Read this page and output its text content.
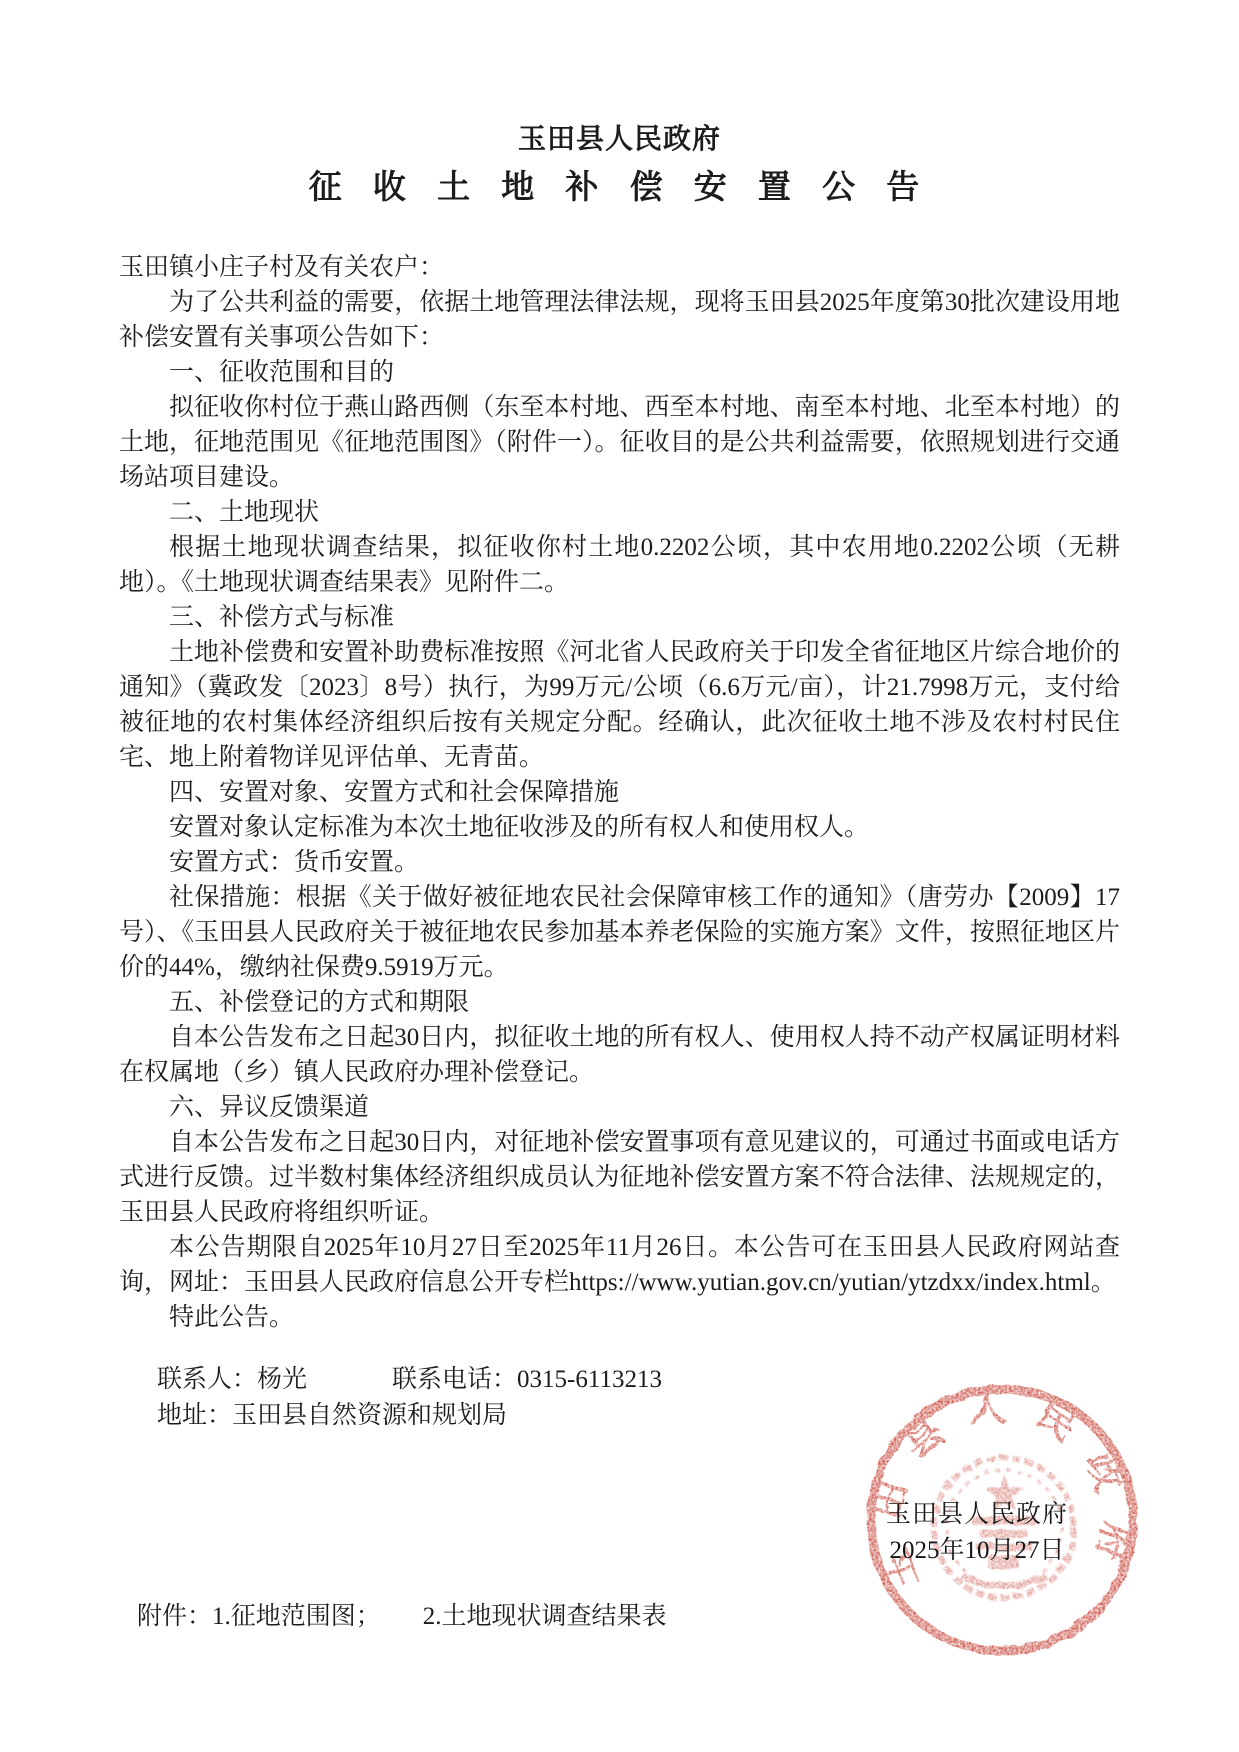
玉田县人民政府
征 收 土 地 补 偿 安 置 公 告

玉田镇小庄子村及有关农户：

为了公共利益的需要，依据土地管理法律法规，现将玉田县2025年度第30批次建设用地补偿安置有关事项公告如下：

一、征收范围和目的

拟征收你村位于燕山路西侧（东至本村地、西至本村地、南至本村地、北至本村地）的土地，征地范围见《征地范围图》（附件一）。征收目的是公共利益需要，依照规划进行交通场站项目建设。

二、土地现状

根据土地现状调查结果，拟征收你村土地0.2202公顷，其中农用地0.2202公顷（无耕地）。《土地现状调查结果表》见附件二。

三、补偿方式与标准

土地补偿费和安置补助费标准按照《河北省人民政府关于印发全省征地区片综合地价的通知》（冀政发〔2023〕8号）执行，为99万元/公顷（6.6万元/亩），计21.7998万元，支付给被征地的农村集体经济组织后按有关规定分配。经确认，此次征收土地不涉及农村村民住宅、地上附着物详见评估单、无青苗。

四、安置对象、安置方式和社会保障措施

安置对象认定标准为本次土地征收涉及的所有权人和使用权人。

安置方式：货币安置。

社保措施：根据《关于做好被征地农民社会保障审核工作的通知》（唐劳办【2009】17号）、《玉田县人民政府关于被征地农民参加基本养老保险的实施方案》文件，按照征地区片价的44%，缴纳社保费9.5919万元。

五、补偿登记的方式和期限

自本公告发布之日起30日内，拟征收土地的所有权人、使用权人持不动产权属证明材料在权属地（乡）镇人民政府办理补偿登记。

六、异议反馈渠道

自本公告发布之日起30日内，对征地补偿安置事项有意见建议的，可通过书面或电话方式进行反馈。过半数村集体经济组织成员认为征地补偿安置方案不符合法律、法规规定的，玉田县人民政府将组织听证。

本公告期限自2025年10月27日至2025年11月26日。本公告可在玉田县人民政府网站查询，网址：玉田县人民政府信息公开专栏https://www.yutian.gov.cn/yutian/ytzdxx/index.html。

特此公告。

联系人：杨光	联系电话：0315-6113213
地址：玉田县自然资源和规划局
玉田县人民政府
玉田县人民政府
2025年10月27日
附件：1.征地范围图； 2.土地现状调查结果表
